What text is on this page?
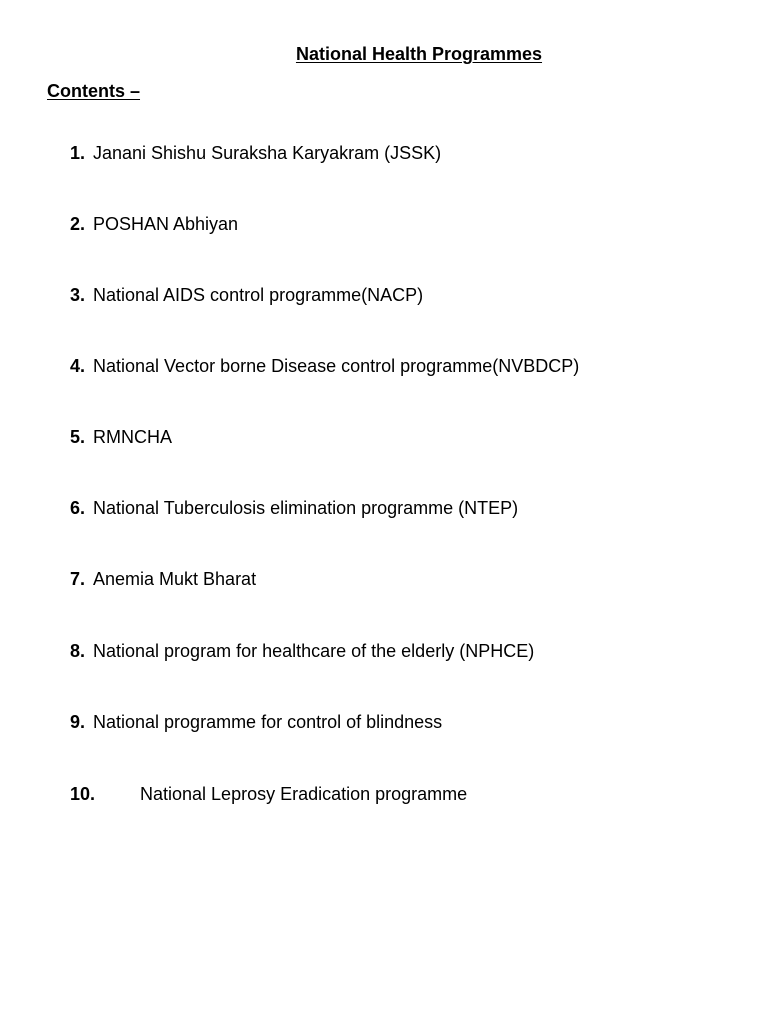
National Health Programmes
Contents –
1. Janani Shishu Suraksha Karyakram (JSSK)
2. POSHAN Abhiyan
3. National AIDS control programme(NACP)
4. National Vector borne Disease control programme(NVBDCP)
5. RMNCHA
6. National Tuberculosis elimination programme (NTEP)
7. Anemia Mukt Bharat
8. National program for healthcare of the elderly (NPHCE)
9. National programme for control of blindness
10. National Leprosy Eradication programme
